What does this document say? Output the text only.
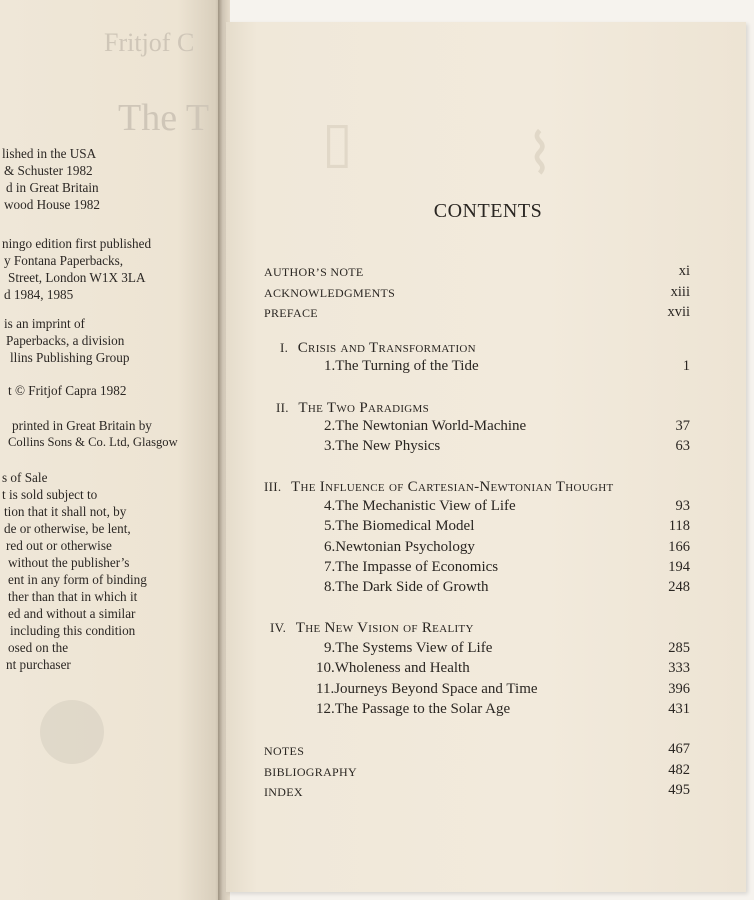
Fritjof C
The T
lished in the USA
& Schuster 1982
d in Great Britain
wood House 1982
ningo edition first published
y Fontana Paperbacks,
Street, London W1X 3LA
d 1984, 1985
is an imprint of
Paperbacks, a division
llins Publishing Group
t © Fritjof Capra 1982
printed in Great Britain by
Collins Sons & Co. Ltd, Glasgow
s of Sale
t is sold subject to
tion that it shall not, by
de or otherwise, be lent,
red out or otherwise
without the publisher’s
ent in any form of binding
ther than that in which it
ed and without a similar
including this condition
osed on the
nt purchaser
▯	⌇
CONTENTS
AUTHOR’S NOTE	xi
ACKNOWLEDGMENTS	xiii
PREFACE	xvii
I. Crisis and Transformation
1.The Turning of the Tide	1
II. The Two Paradigms
2.The Newtonian World-Machine	37
3.The New Physics	63
III. The Influence of Cartesian-Newtonian Thought
4.The Mechanistic View of Life	93
5.The Biomedical Model	118
6.Newtonian Psychology	166
7.The Impasse of Economics	194
8.The Dark Side of Growth	248
IV. The New Vision of Reality
9.The Systems View of Life	285
10.Wholeness and Health	333
11.Journeys Beyond Space and Time	396
12.The Passage to the Solar Age	431
NOTES	467
BIBLIOGRAPHY	482
INDEX	495
